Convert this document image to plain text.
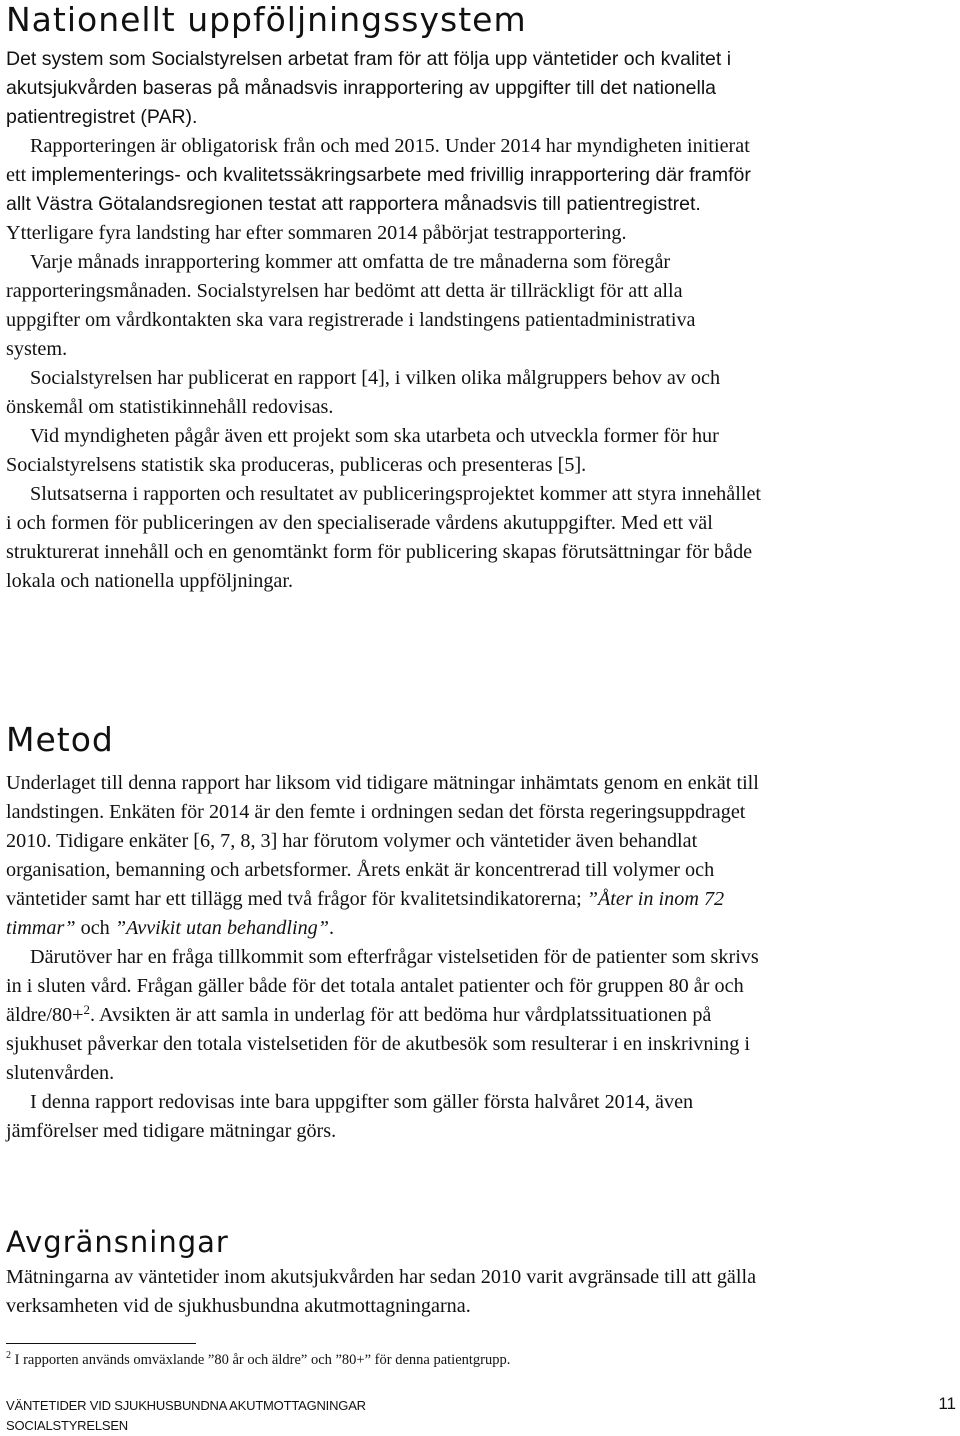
Nationellt uppföljningssystem

Det system som Socialstyrelsen arbetat fram för att följa upp väntetider och kvalitet i akutsjukvården baseras på månadsvis inrapportering av uppgifter till det nationella patientregistret (PAR).

Rapporteringen är obligatorisk från och med 2015. Under 2014 har myndigheten initierat ett implementerings- och kvalitetssäkringsarbete med frivillig inrapportering där framför allt Västra Götalandsregionen testat att rapportera månadsvis till patientregistret. Ytterligare fyra landsting har efter sommaren 2014 påbörjat testrapportering.

Varje månads inrapportering kommer att omfatta de tre månaderna som föregår rapporteringsmånaden. Socialstyrelsen har bedömt att detta är tillräckligt för att alla uppgifter om vårdkontakten ska vara registrerade i landstingens patientadministrativa system.

Socialstyrelsen har publicerat en rapport [4], i vilken olika målgruppers behov av och önskemål om statistikinnehåll redovisas.

Vid myndigheten pågår även ett projekt som ska utarbeta och utveckla former för hur Socialstyrelsens statistik ska produceras, publiceras och presenteras [5].

Slutsatserna i rapporten och resultatet av publiceringsprojektet kommer att styra innehållet i och formen för publiceringen av den specialiserade vårdens akutuppgifter. Med ett väl strukturerat innehåll och en genomtänkt form för publicering skapas förutsättningar för både lokala och nationella uppföljningar.

Metod

Underlaget till denna rapport har liksom vid tidigare mätningar inhämtats genom en enkät till landstingen. Enkäten för 2014 är den femte i ordningen sedan det första regeringsuppdraget 2010. Tidigare enkäter [6, 7, 8, 3] har förutom volymer och väntetider även behandlat organisation, bemanning och arbetsformer. Årets enkät är koncentrerad till volymer och väntetider samt har ett tillägg med två frågor för kvalitetsindikatorerna; ”Åter in inom 72 timmar” och ”Avvikit utan behandling”.

Därutöver har en fråga tillkommit som efterfrågar vistelsetiden för de patienter som skrivs in i sluten vård. Frågan gäller både för det totala antalet patienter och för gruppen 80 år och äldre/80+$^2$. Avsikten är att samla in underlag för att bedöma hur vårdplatssituationen på sjukhuset påverkar den totala vistelsetiden för de akutbesök som resulterar i en inskrivning i slutenvården.

I denna rapport redovisas inte bara uppgifter som gäller första halvåret 2014, även jämförelser med tidigare mätningar görs.

Avgränsningar

Mätningarna av väntetider inom akutsjukvården har sedan 2010 varit avgränsade till att gälla verksamheten vid de sjukhusbundna akutmottagningarna.

$^2$ I rapporten används omväxlande ”80 år och äldre” och ”80+” för denna patientgrupp.
VÄNTETIDER VID SJUKHUSBUNDNA AKUTMOTTAGNINGAR
SOCIALSTYRELSEN
11
